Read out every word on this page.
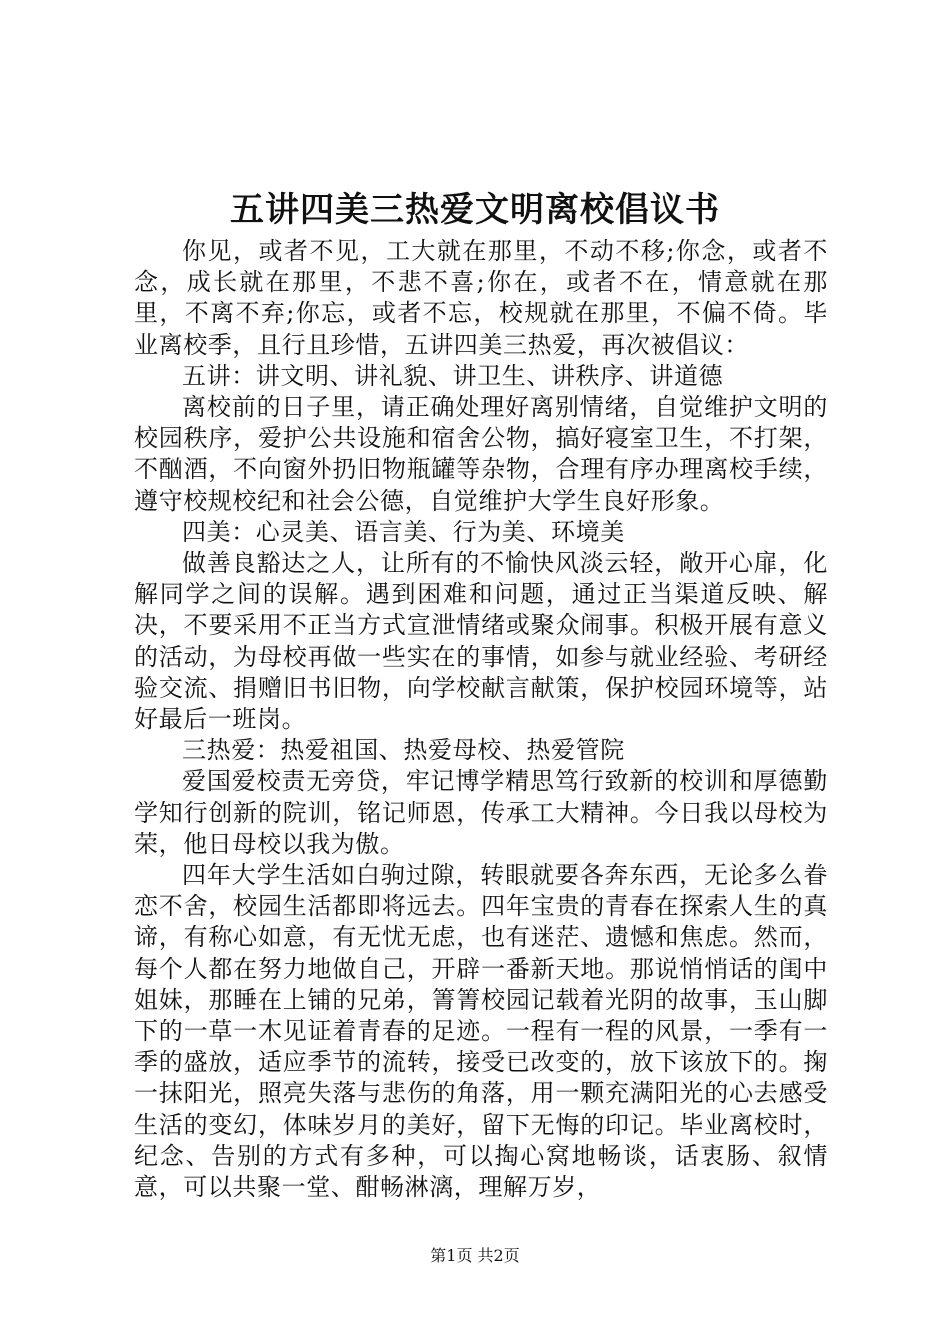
五讲四美三热爱文明离校倡议书

你见，或者不见，工大就在那里，不动不移;你念，或者不念，成长就在那里，不悲不喜;你在，或者不在，情意就在那里，不离不弃;你忘，或者不忘，校规就在那里，不偏不倚。毕业离校季，且行且珍惜，五讲四美三热爱，再次被倡议：

五讲：讲文明、讲礼貌、讲卫生、讲秩序、讲道德

离校前的日子里，请正确处理好离别情绪，自觉维护文明的校园秩序，爱护公共设施和宿舍公物，搞好寝室卫生，不打架，不酗酒，不向窗外扔旧物瓶罐等杂物，合理有序办理离校手续，遵守校规校纪和社会公德，自觉维护大学生良好形象。

四美：心灵美、语言美、行为美、环境美

做善良豁达之人，让所有的不愉快风淡云轻，敞开心扉，化解同学之间的误解。遇到困难和问题，通过正当渠道反映、解决，不要采用不正当方式宣泄情绪或聚众闹事。积极开展有意义的活动，为母校再做一些实在的事情，如参与就业经验、考研经验交流、捐赠旧书旧物，向学校献言献策，保护校园环境等，站好最后一班岗。

三热爱：热爱祖国、热爱母校、热爱管院

爱国爱校责无旁贷，牢记博学精思笃行致新的校训和厚德勤学知行创新的院训，铭记师恩，传承工大精神。今日我以母校为荣，他日母校以我为傲。

四年大学生活如白驹过隙，转眼就要各奔东西，无论多么眷恋不舍，校园生活都即将远去。四年宝贵的青春在探索人生的真谛，有称心如意，有无忧无虑，也有迷茫、遗憾和焦虑。然而，每个人都在努力地做自己，开辟一番新天地。那说悄悄话的闺中姐妹，那睡在上铺的兄弟，箐箐校园记载着光阴的故事，玉山脚下的一草一木见证着青春的足迹。一程有一程的风景，一季有一季的盛放，适应季节的流转，接受已改变的，放下该放下的。掬一抹阳光，照亮失落与悲伤的角落，用一颗充满阳光的心去感受生活的变幻，体味岁月的美好，留下无悔的印记。毕业离校时，纪念、告别的方式有多种，可以掏心窝地畅谈，话衷肠、叙情意，可以共聚一堂、酣畅淋漓，理解万岁，

第1页 共2页
